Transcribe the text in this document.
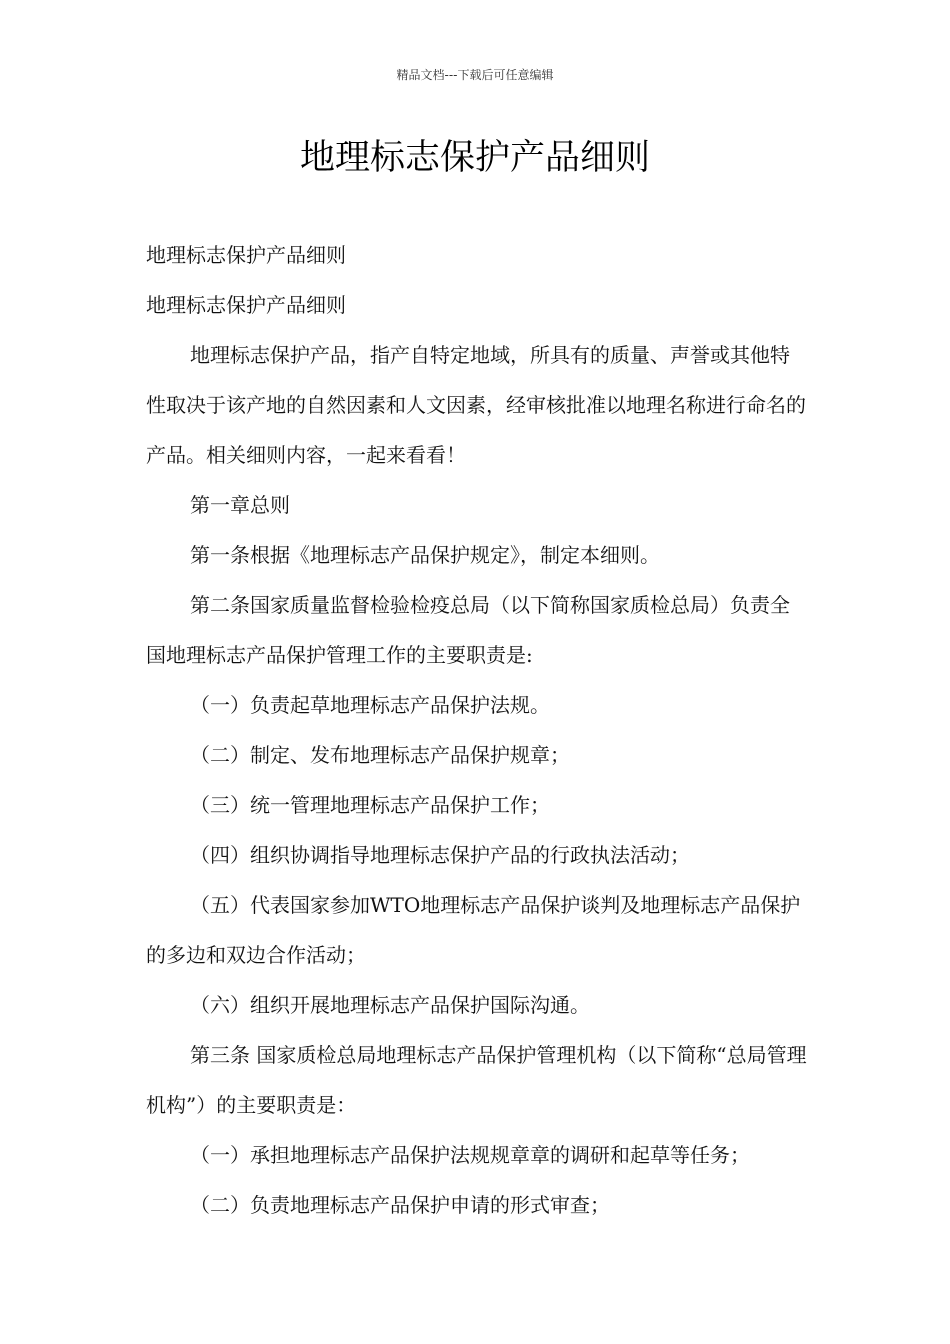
精品文档---下载后可任意编辑
地理标志保护产品细则

地理标志保护产品细则

地理标志保护产品细则

地理标志保护产品，指产自特定地域，所具有的质量、声誉或其他特性取决于该产地的自然因素和人文因素，经审核批准以地理名称进行命名的产品。相关细则内容，一起来看看！

第一章总则

第一条根据《地理标志产品保护规定》，制定本细则。

第二条国家质量监督检验检疫总局（以下简称国家质检总局）负责全国地理标志产品保护管理工作的主要职责是:

（一）负责起草地理标志产品保护法规。

（二）制定、发布地理标志产品保护规章；

（三）统一管理地理标志产品保护工作；

（四）组织协调指导地理标志保护产品的行政执法活动；

（五）代表国家参加WTO地理标志产品保护谈判及地理标志产品保护的多边和双边合作活动；

（六）组织开展地理标志产品保护国际沟通。

第三条 国家质检总局地理标志产品保护管理机构（以下简称“总局管理机构”）的主要职责是：

（一）承担地理标志产品保护法规规章章的调研和起草等任务；

（二）负责地理标志产品保护申请的形式审查；
